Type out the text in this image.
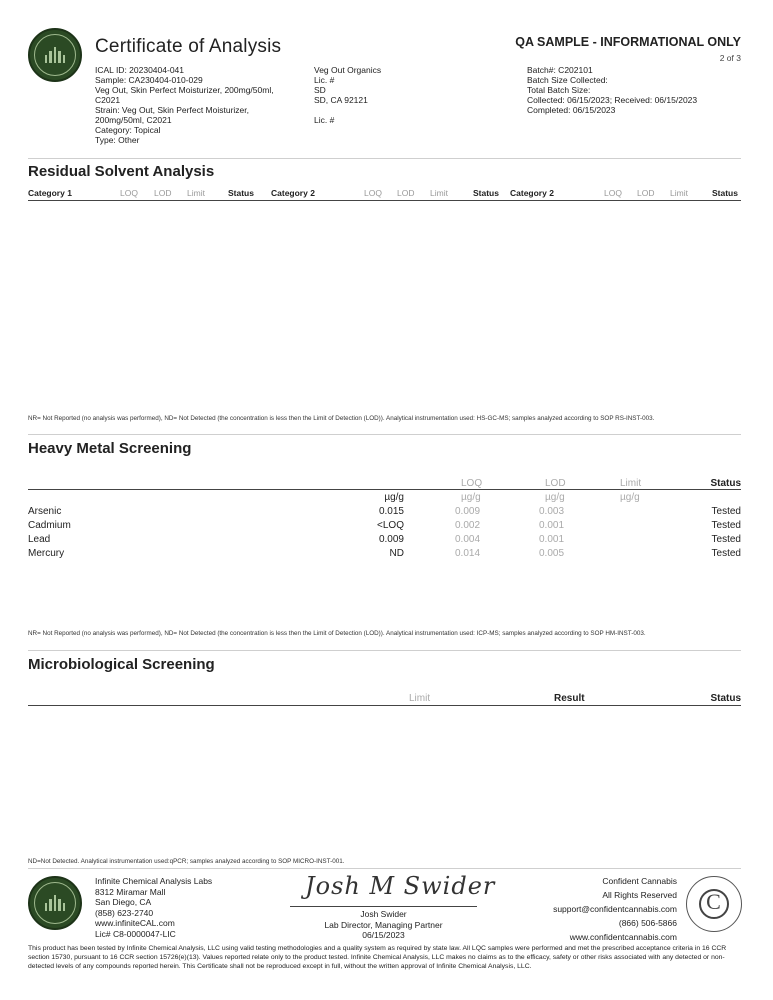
Certificate of Analysis	QA SAMPLE - INFORMATIONAL ONLY
2 of 3
ICAL ID: 20230404-041
Sample: CA230404-010-029
Veg Out, Skin Perfect Moisturizer, 200mg/50ml,
C2021
Strain: Veg Out, Skin Perfect Moisturizer,
200mg/50ml, C2021
Category: Topical
Type: Other
Veg Out Organics
Lic. #
SD
SD, CA 92121
Lic. #
Batch#: C202101
Batch Size Collected:
Total Batch Size:
Collected: 06/15/2023; Received: 06/15/2023
Completed: 06/15/2023
Residual Solvent Analysis
Category 1	LOQ LOD Limit	Status Category 2	LOQ LOD Limit	Status Category 2	LOQ LOD Limit	Status
NR= Not Reported (no analysis was performed), ND= Not Detected (the concentration is less then the Limit of Detection (LOD)). Analytical instrumentation used: HS-GC-MS; samples analyzed according to SOP RS-INST-003.
Heavy Metal Screening
LOQ	LOD	Limit	Status
µg/g	µg/g	µg/g	µg/g
Arsenic	0.015	0.009	0.003	Tested
Cadmium	<LOQ	0.002	0.001	Tested
Lead	0.009	0.004	0.001	Tested
Mercury	ND	0.014	0.005	Tested
NR= Not Reported (no analysis was performed), ND= Not Detected (the concentration is less then the Limit of Detection (LOD)). Analytical instrumentation used: ICP-MS; samples analyzed according to SOP HM-INST-003.
Microbiological Screening
Limit	Result	Status
ND=Not Detected. Analytical instrumentation used:qPCR; samples analyzed according to SOP MICRO-INST-001.
Infinite Chemical Analysis Labs
8312 Miramar Mall
San Diego, CA
(858) 623-2740
www.infiniteCAL.com
Lic# C8-0000047-LIC
Josh M Swider
Josh Swider
Lab Director, Managing Partner
06/15/2023
Confident Cannabis
All Rights Reserved
support@confidentcannabis.com
(866) 506-5866
www.confidentcannabis.com
C
This product has been tested by Infinite Chemical Analysis, LLC using valid testing methodologies and a quality system as required by state law. All LQC samples were performed and met the prescribed acceptance criteria in 16 CCR section 15730, pursuant to 16 CCR section 15726(e)(13). Values reported relate only to the product tested. Infinite Chemical Analysis, LLC makes no claims as to the efficacy, safety or other risks associated with any detected or non-detected levels of any compounds reported herein. This Certificate shall not be reproduced except in full, without the written approval of Infinite Chemical Analysis, LLC.
